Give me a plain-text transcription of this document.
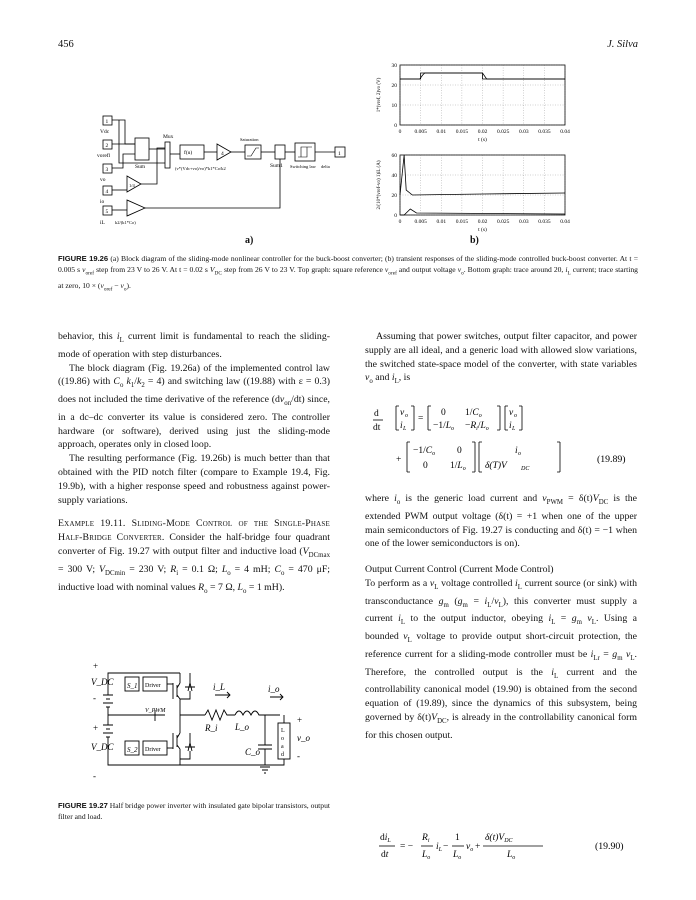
456	J. Silva
1
2
3
4
5
Vdc
vorefl
vo
io
iL
Sum
Mux
f(u)	4
Saturation
Sum1 Switching law delta
1/4
k2/(k1*Co)
(v*(Vdc+vo)/vo)*k1*Co/k2
1
a)	b)
0 0.005 0.01 0.015 0.02 0.025 0.03 0.035 0.04
0
10
20
30
t (s)
1*(vref, 2)vo (V)
0 0.005 0.01 0.015 0.02 0.025 0.03 0.035 0.04
0
20
40
60
t (s)
2/(10*(vref-vo) 1)iL (A)
FIGURE 19.26 (a) Block diagram of the sliding-mode nonlinear controller for the buck-boost converter; (b) transient responses of the sliding-mode controlled buck-boost converter. At t = 0.005 s $v_{oref}$ step from 23 V to 26 V. At t = 0.02 s $V_{DC}$ step from 26 V to 23 V. Top graph: square reference $v_{oref}$ and output voltage $v_o$. Bottom graph: trace around 20, $i_L$ current; trace starting at zero, $10 \times (v_{oref} - v_o)$.

behavior, this $i_L$ current limit is fundamental to reach the sliding-mode of operation with step disturbances.

The block diagram (Fig. 19.26a) of the implemented control law ((19.86) with $C_o$ $k_1/k_2 = 4$) and switching law ((19.88) with ε = 0.3) does not included the time derivative of the reference $(dv_{on}/dt)$ since, in a dc–dc converter its value is considered zero. The controller hardware (or software), derived using just the sliding-mode approach, operates only in closed loop.

The resulting performance (Fig. 19.26b) is much better than that obtained with the PID notch filter (compare to Example 19.4, Fig. 19.9b), with a higher response speed and robustness against power-supply variations.

Example 19.11. Sliding-Mode Control of the Single-Phase Half-Bridge Converter. Consider the half-bridge four quadrant converter of Fig. 19.27 with output filter and inductive load ($V_{DCmax} = 300$ V; $V_{DCmin} = 230$ V; $R_i = 0.1$ Ω; $L_o = 4$ mH; $C_o = 470$ μF; inductive load with nominal values $R_o = 7$ Ω, $L_o = 1$ mH).

+
V_DC
-
S_1 Driver	i_L	i_o
V_PWM
R_i L_o
C_o
+
V_DC
-
S_2 Driver
L
o
a
d
+
v_o
-
FIGURE 19.27 Half bridge power inverter with insulated gate bipolar transistors, output filter and load.

Assuming that power switches, output filter capacitor, and power supply are all ideal, and a generic load with allowed slow variations, the switched state-space model of the converter, with state variables $v_o$ and $i_L$, is

d
dt
v o
i L
=
0 $1/C_o$
$-1/L_o -R_i/L_o$
v o
i L
+
$-1/C_o$ 0
0 $1/L_o$
i o
δ(T)V DC
(19.89)

where $i_o$ is the generic load current and $v_{PWM} = \delta(t)V_{DC}$ is the extended PWM output voltage (δ(t) = +1 when one of the upper main semiconductors of Fig. 19.27 is conducting and δ(t) = −1 when one of the lower semiconductors is on).

Output Current Control (Current Mode Control)

To perform as a $v_L$ voltage controlled $i_L$ current source (or sink) with transconductance $g_m$ $(g_m = i_L/v_L)$, this converter must supply a current $i_L$ to the output inductor, obeying $i_L = g_m$ $v_L$. Using a bounded $v_L$ voltage to provide output short-circuit protection, the reference current for a sliding-mode controller must be $i_{Lr} = g_m$ $v_L$. Therefore, the controlled output is the $i_L$ current and the controllability canonical model (19.90) is obtained from the second equation of (19.89), since the dynamics of this subsystem, being governed by $\delta(t)V_{DC}$, is already in the controllability canonical form for this chosen output.

$di_L$
dt
= −
$R_i$
$L_o$
$i_L$ −
1
$L_o$
$v_o$ +
$\delta(t)V_{DC}$
$L_o$
(19.90)
